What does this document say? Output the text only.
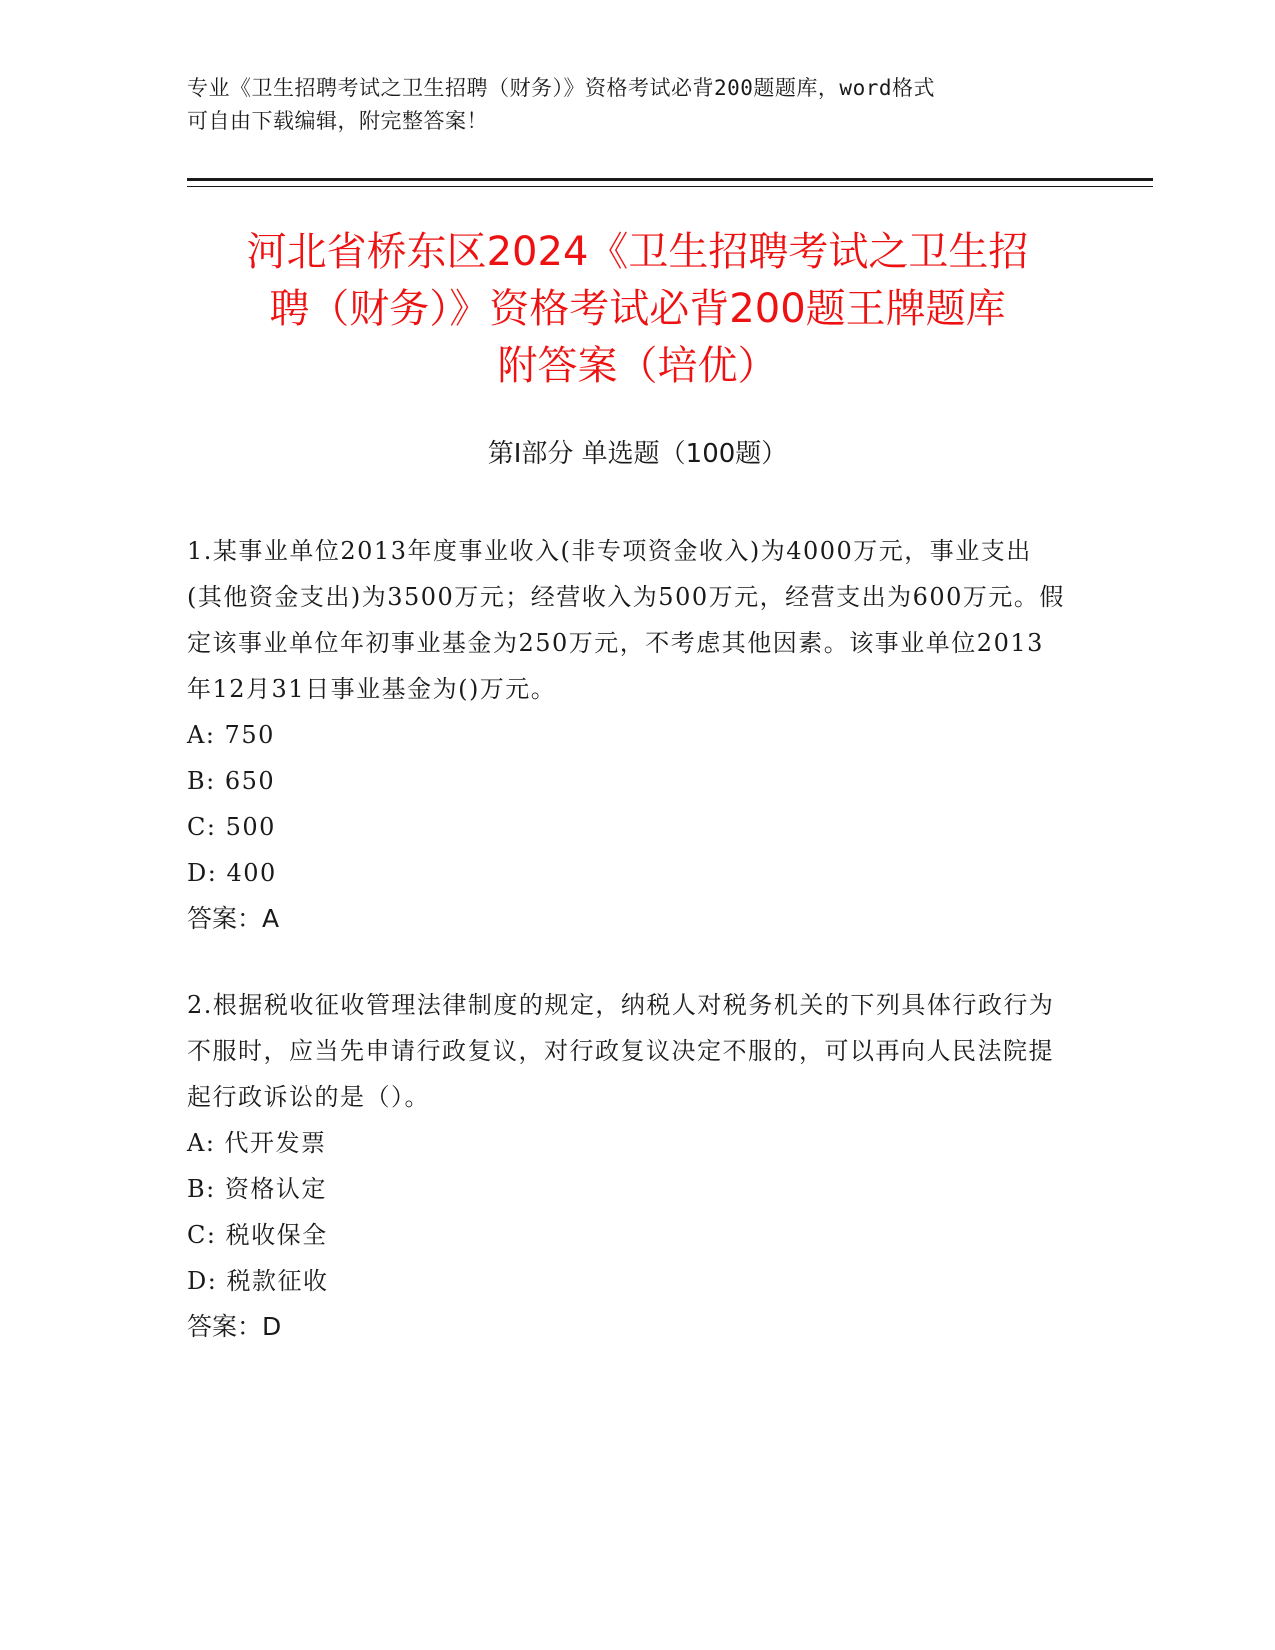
专业《卫生招聘考试之卫生招聘（财务）》资格考试必背200题题库，word格式
可自由下载编辑，附完整答案！
河北省桥东区2024《卫生招聘考试之卫生招
聘（财务）》资格考试必背200题王牌题库
附答案（培优）
第Ⅰ部分 单选题（100题）

1.某事业单位2013年度事业收入(非专项资金收入)为4000万元，事业支出(其他资金支出)为3500万元；经营收入为500万元，经营支出为600万元。假定该事业单位年初事业基金为250万元，不考虑其他因素。该事业单位2013年12月31日事业基金为()万元。

A: 750

B: 650

C: 500

D: 400

答案：A

2.根据税收征收管理法律制度的规定，纳税人对税务机关的下列具体行政行为不服时，应当先申请行政复议，对行政复议决定不服的，可以再向人民法院提起行政诉讼的是（）。

A: 代开发票

B: 资格认定

C: 税收保全

D: 税款征收

答案：D
